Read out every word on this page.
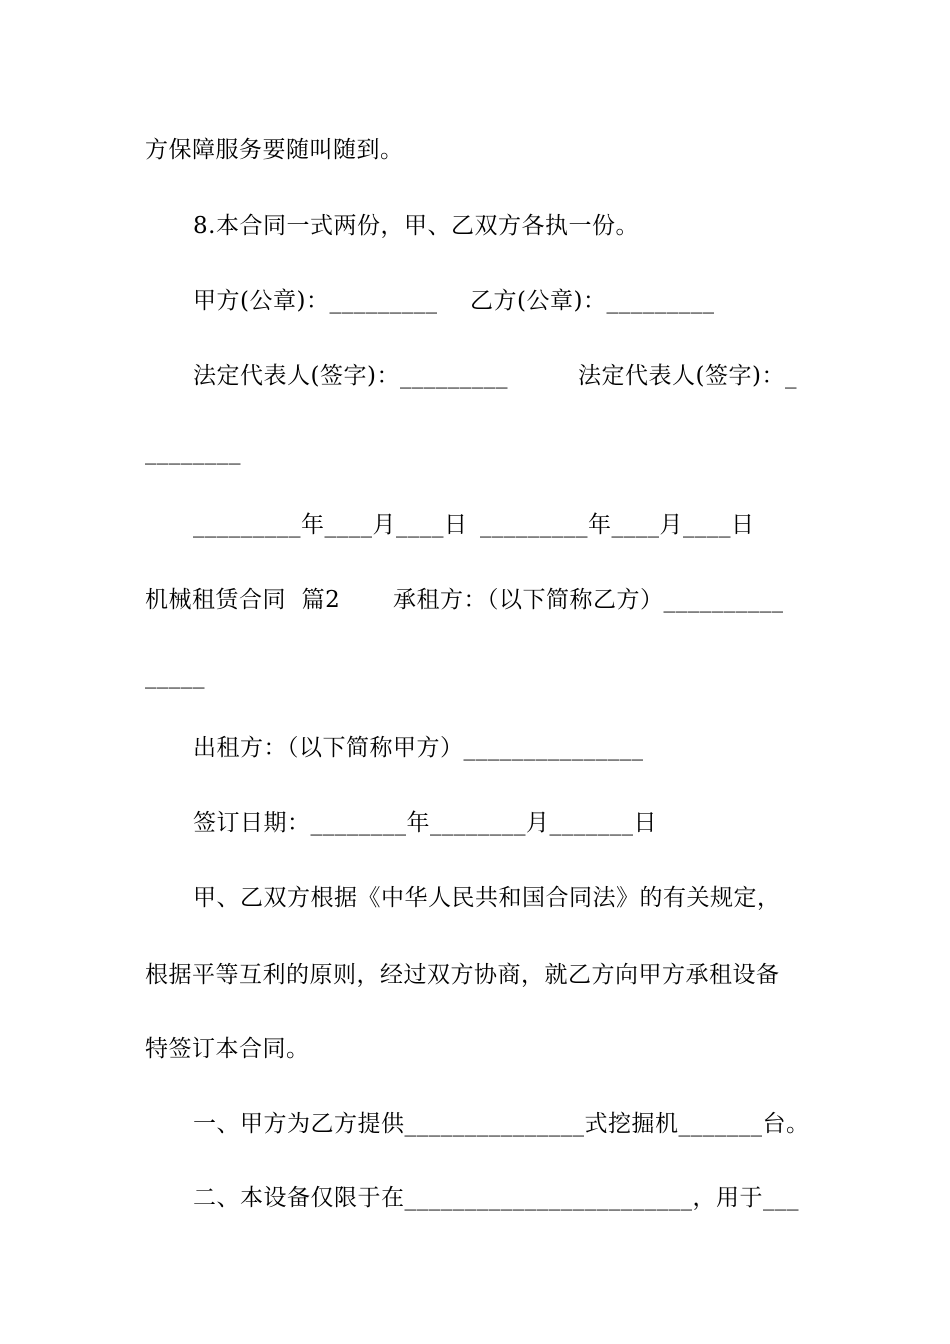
方保障服务要随叫随到。

8.本合同一式两份，甲、乙双方各执一份。

甲方(公章)：_________

乙方(公章)：_________

法定代表人(签字)：_________

	法定代表人(签字)：_

________

_________年____月____日

_________年____月____日

机械租赁合同  篇2

承租方：（以下简称乙方）__________

_____

出租方：（以下简称甲方）_______________

签订日期：________年________月_______日

甲、乙双方根据《中华人民共和国合同法》的有关规定，

根据平等互利的原则，经过双方协商，就乙方向甲方承租设备

特签订本合同。

一、甲方为乙方提供_______________式挖掘机_______台。

二、本设备仅限于在________________________，用于___
